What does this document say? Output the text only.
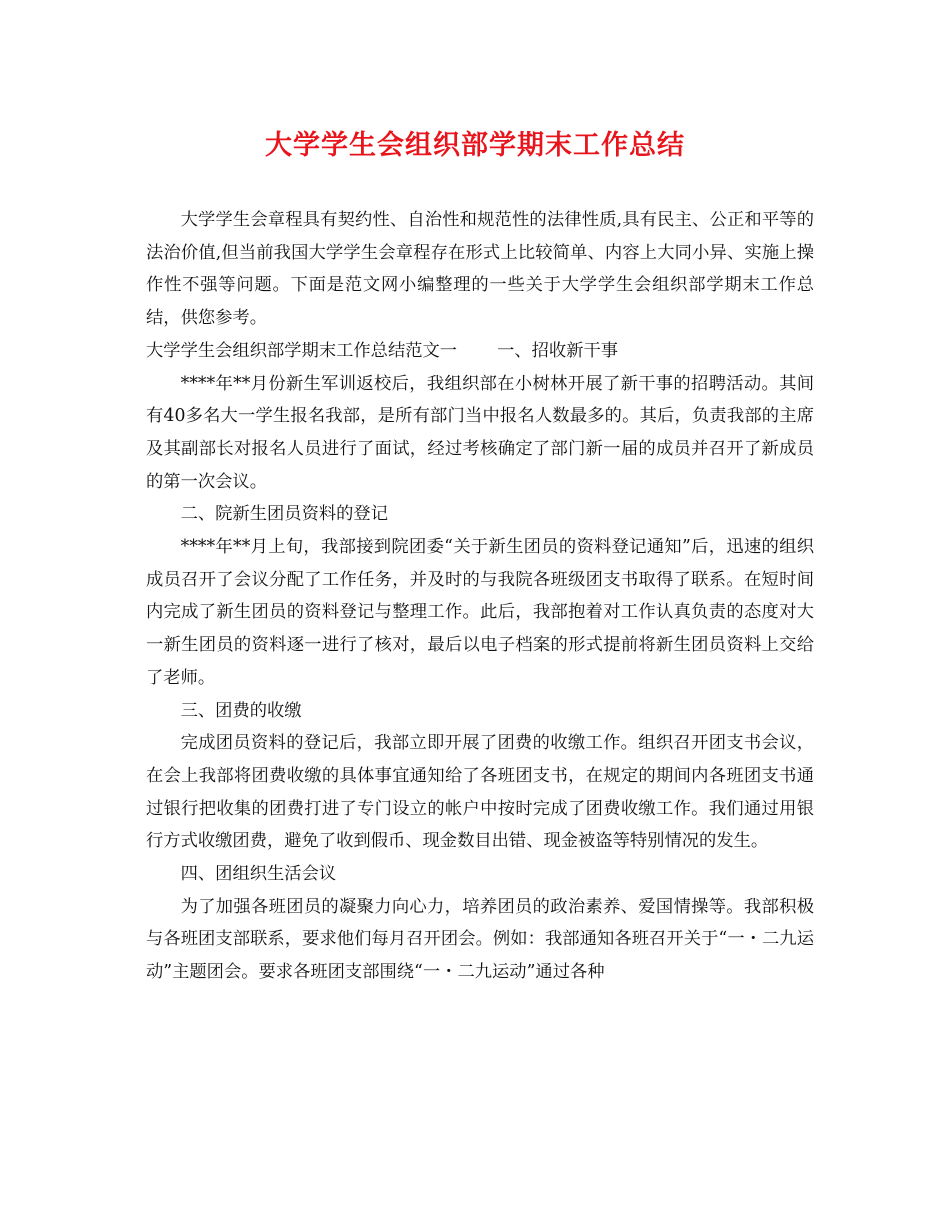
大学学生会组织部学期末工作总结

大学学生会章程具有契约性、自治性和规范性的法律性质,具有民主、公正和平等的法治价值,但当前我国大学学生会章程存在形式上比较简单、内容上大同小异、实施上操作性不强等问题。下面是范文网小编整理的一些关于大学学生会组织部学期末工作总结，供您参考。

大学学生会组织部学期末工作总结范文一 一、招收新干事

****年**月份新生军训返校后，我组织部在小树林开展了新干事的招聘活动。其间有40多名大一学生报名我部，是所有部门当中报名人数最多的。其后，负责我部的主席及其副部长对报名人员进行了面试，经过考核确定了部门新一届的成员并召开了新成员的第一次会议。

二、院新生团员资料的登记

****年**月上旬，我部接到院团委“关于新生团员的资料登记通知”后，迅速的组织成员召开了会议分配了工作任务，并及时的与我院各班级团支书取得了联系。在短时间内完成了新生团员的资料登记与整理工作。此后，我部抱着对工作认真负责的态度对大一新生团员的资料逐一进行了核对，最后以电子档案的形式提前将新生团员资料上交给了老师。

三、团费的收缴

完成团员资料的登记后，我部立即开展了团费的收缴工作。组织召开团支书会议，在会上我部将团费收缴的具体事宜通知给了各班团支书，在规定的期间内各班团支书通过银行把收集的团费打进了专门设立的帐户中按时完成了团费收缴工作。我们通过用银行方式收缴团费，避免了收到假币、现金数目出错、现金被盗等特别情况的发生。

四、团组织生活会议

为了加强各班团员的凝聚力向心力，培养团员的政治素养、爱国情操等。我部积极与各班团支部联系，要求他们每月召开团会。例如：我部通知各班召开关于“一・二九运动”主题团会。要求各班团支部围绕“一・二九运动”通过各种
